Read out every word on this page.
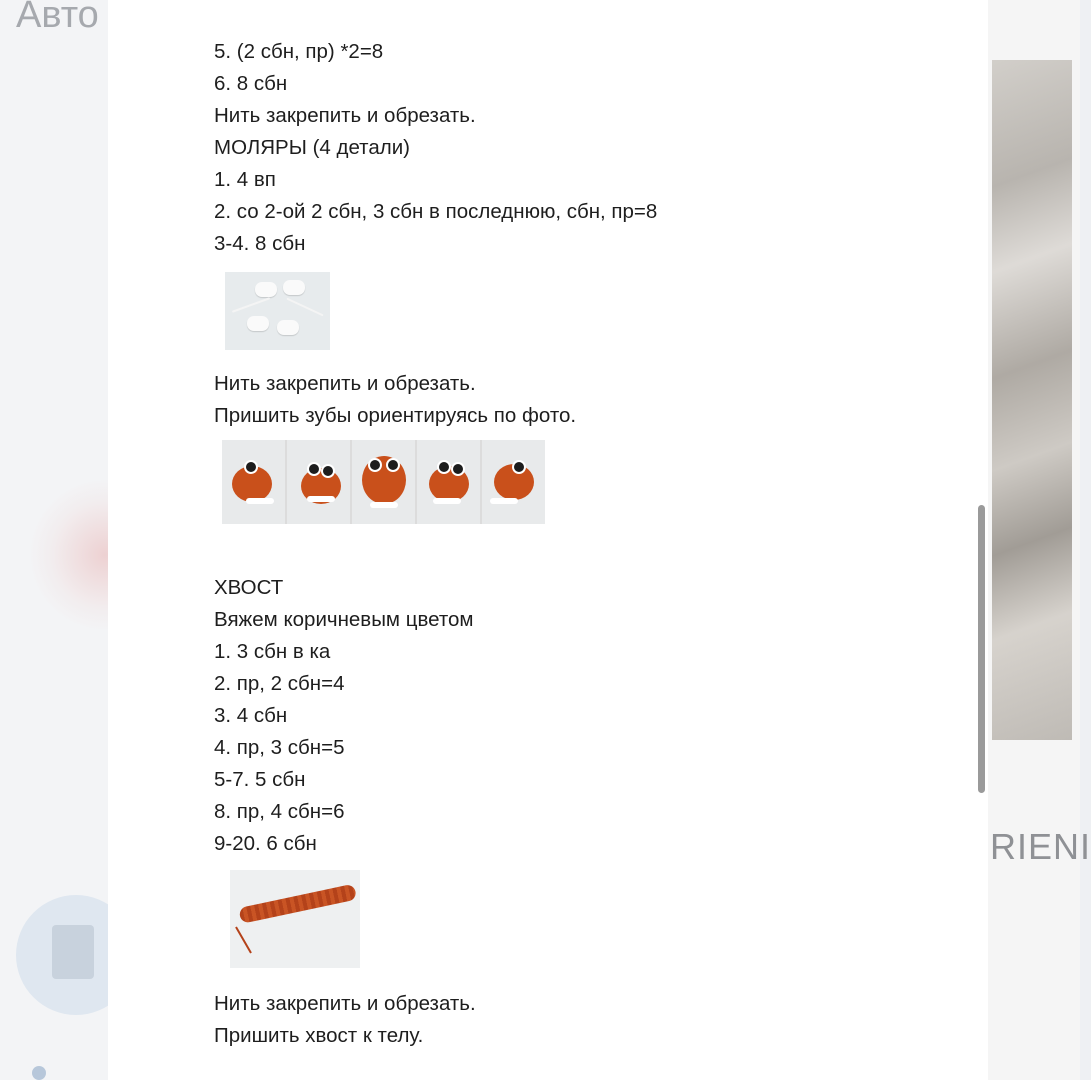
Авто
RIENI
5. (2 сбн, пр) *2=8
6. 8 сбн
Нить закрепить и обрезать.
МОЛЯРЫ (4 детали)
1. 4 вп
2. со 2-ой 2 сбн, 3 сбн в последнюю, сбн, пр=8
3-4. 8 сбн
Нить закрепить и обрезать.
Пришить зубы ориентируясь по фото.
ХВОСТ
Вяжем коричневым цветом
1. 3 сбн в ка
2. пр, 2 сбн=4
3. 4 сбн
4. пр, 3 сбн=5
5-7. 5 сбн
8. пр, 4 сбн=6
9-20. 6 сбн
Нить закрепить и обрезать.
Пришить хвост к телу.
